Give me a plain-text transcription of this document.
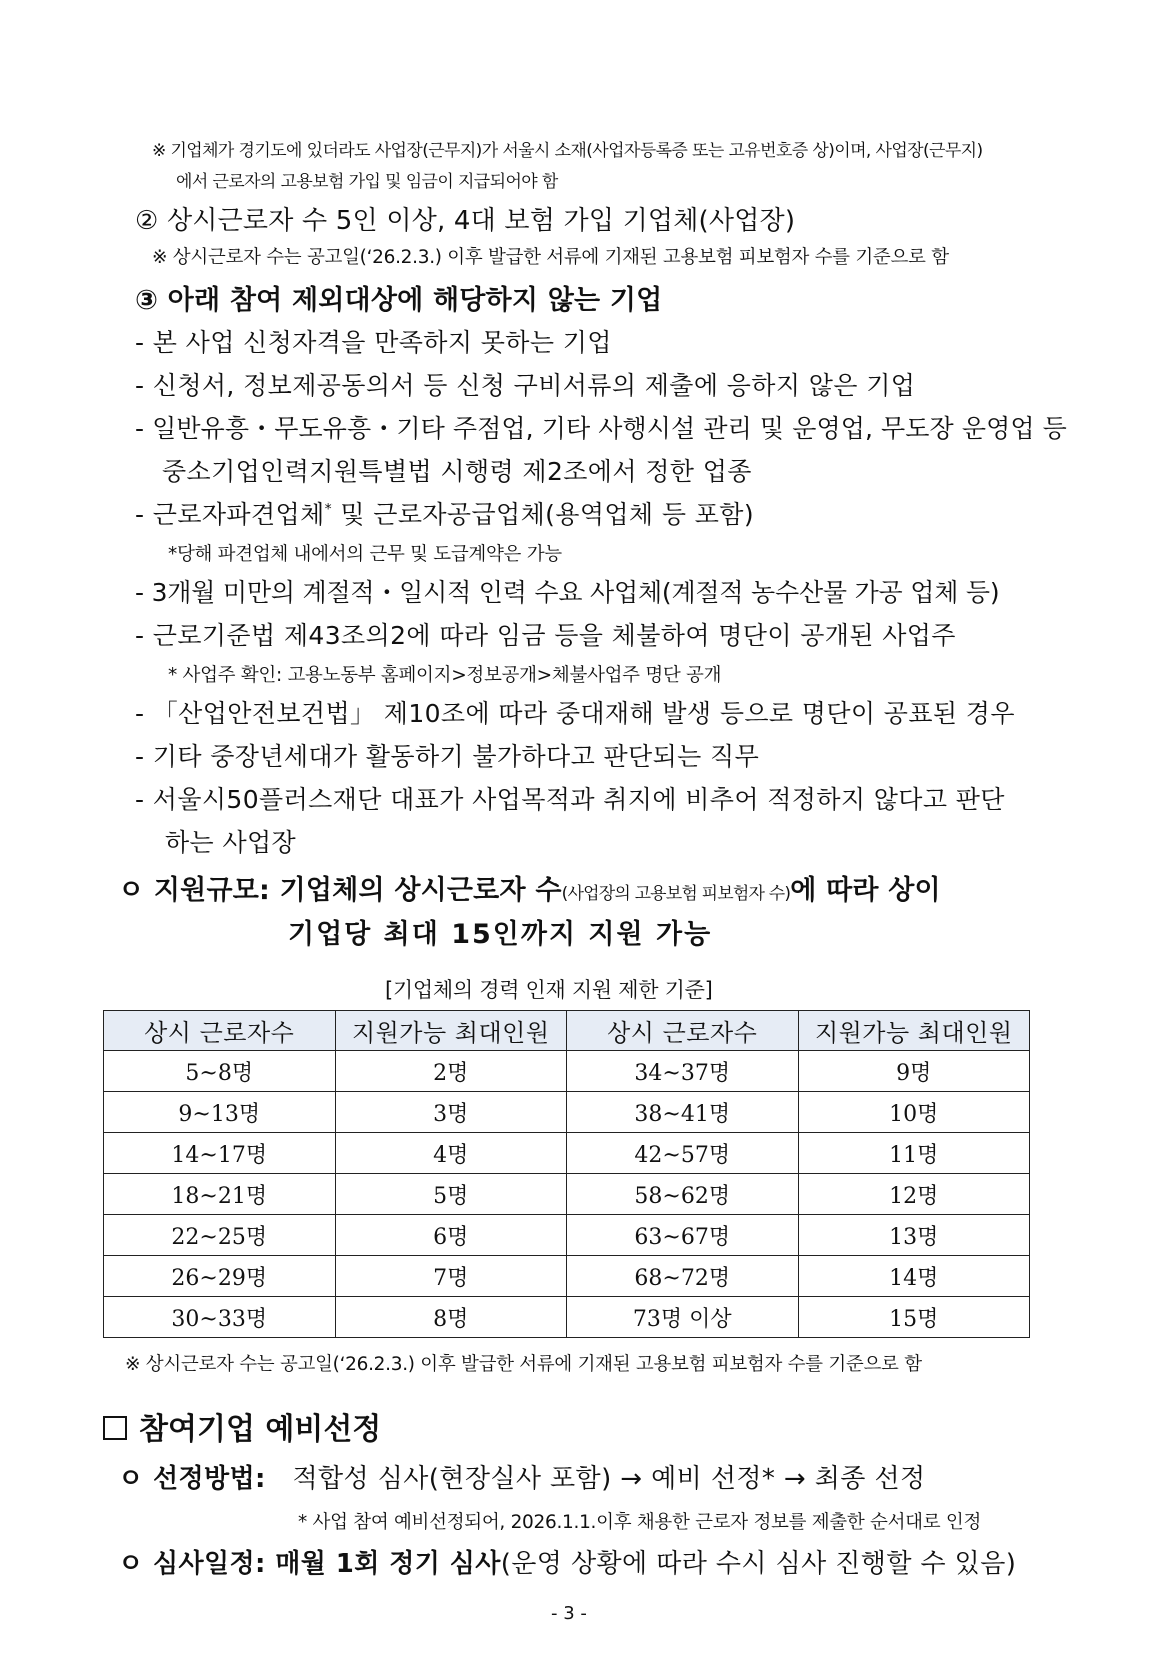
※ 기업체가 경기도에 있더라도 사업장(근무지)가 서울시 소재(사업자등록증 또는 고유번호증 상)이며, 사업장(근무지)
에서 근로자의 고용보험 가입 및 임금이 지급되어야 함
② 상시근로자 수 5인 이상, 4대 보험 가입 기업체(사업장)
※ 상시근로자 수는 공고일(‘26.2.3.) 이후 발급한 서류에 기재된 고용보험 피보험자 수를 기준으로 함
③ 아래 참여 제외대상에 해당하지 않는 기업
- 본 사업 신청자격을 만족하지 못하는 기업
- 신청서, 정보제공동의서 등 신청 구비서류의 제출에 응하지 않은 기업
- 일반유흥・무도유흥・기타 주점업, 기타 사행시설 관리 및 운영업, 무도장 운영업 등
중소기업인력지원특별법 시행령 제2조에서 정한 업종
- 근로자파견업체* 및 근로자공급업체(용역업체 등 포함)
*당해 파견업체 내에서의 근무 및 도급계약은 가능
- 3개월 미만의 계절적・일시적 인력 수요 사업체(계절적 농수산물 가공 업체 등)
- 근로기준법 제43조의2에 따라 임금 등을 체불하여 명단이 공개된 사업주
* 사업주 확인: 고용노동부 홈페이지>정보공개>체불사업주 명단 공개
- 「산업안전보건법」 제10조에 따라 중대재해 발생 등으로 명단이 공표된 경우
- 기타 중장년세대가 활동하기 불가하다고 판단되는 직무
- 서울시50플러스재단 대표가 사업목적과 취지에 비추어 적정하지 않다고 판단
하는 사업장
ㅇ 지원규모: 기업체의 상시근로자 수(사업장의 고용보험 피보험자 수)에 따라 상이
기업당 최대 15인까지 지원 가능
[기업체의 경력 인재 지원 제한 기준]
상시 근로자수	지원가능 최대인원	상시 근로자수	지원가능 최대인원
5~8명	2명	34~37명	9명
9~13명	3명	38~41명	10명
14~17명	4명	42~57명	11명
18~21명	5명	58~62명	12명
22~25명	6명	63~67명	13명
26~29명	7명	68~72명	14명
30~33명	8명	73명 이상	15명
※ 상시근로자 수는 공고일(‘26.2.3.) 이후 발급한 서류에 기재된 고용보험 피보험자 수를 기준으로 함
참여기업 예비선정
ㅇ 선정방법: 적합성 심사(현장실사 포함) → 예비 선정* → 최종 선정
* 사업 참여 예비선정되어, 2026.1.1.이후 채용한 근로자 정보를 제출한 순서대로 인정
ㅇ 심사일정: 매월 1회 정기 심사(운영 상황에 따라 수시 심사 진행할 수 있음)
- 3 -
